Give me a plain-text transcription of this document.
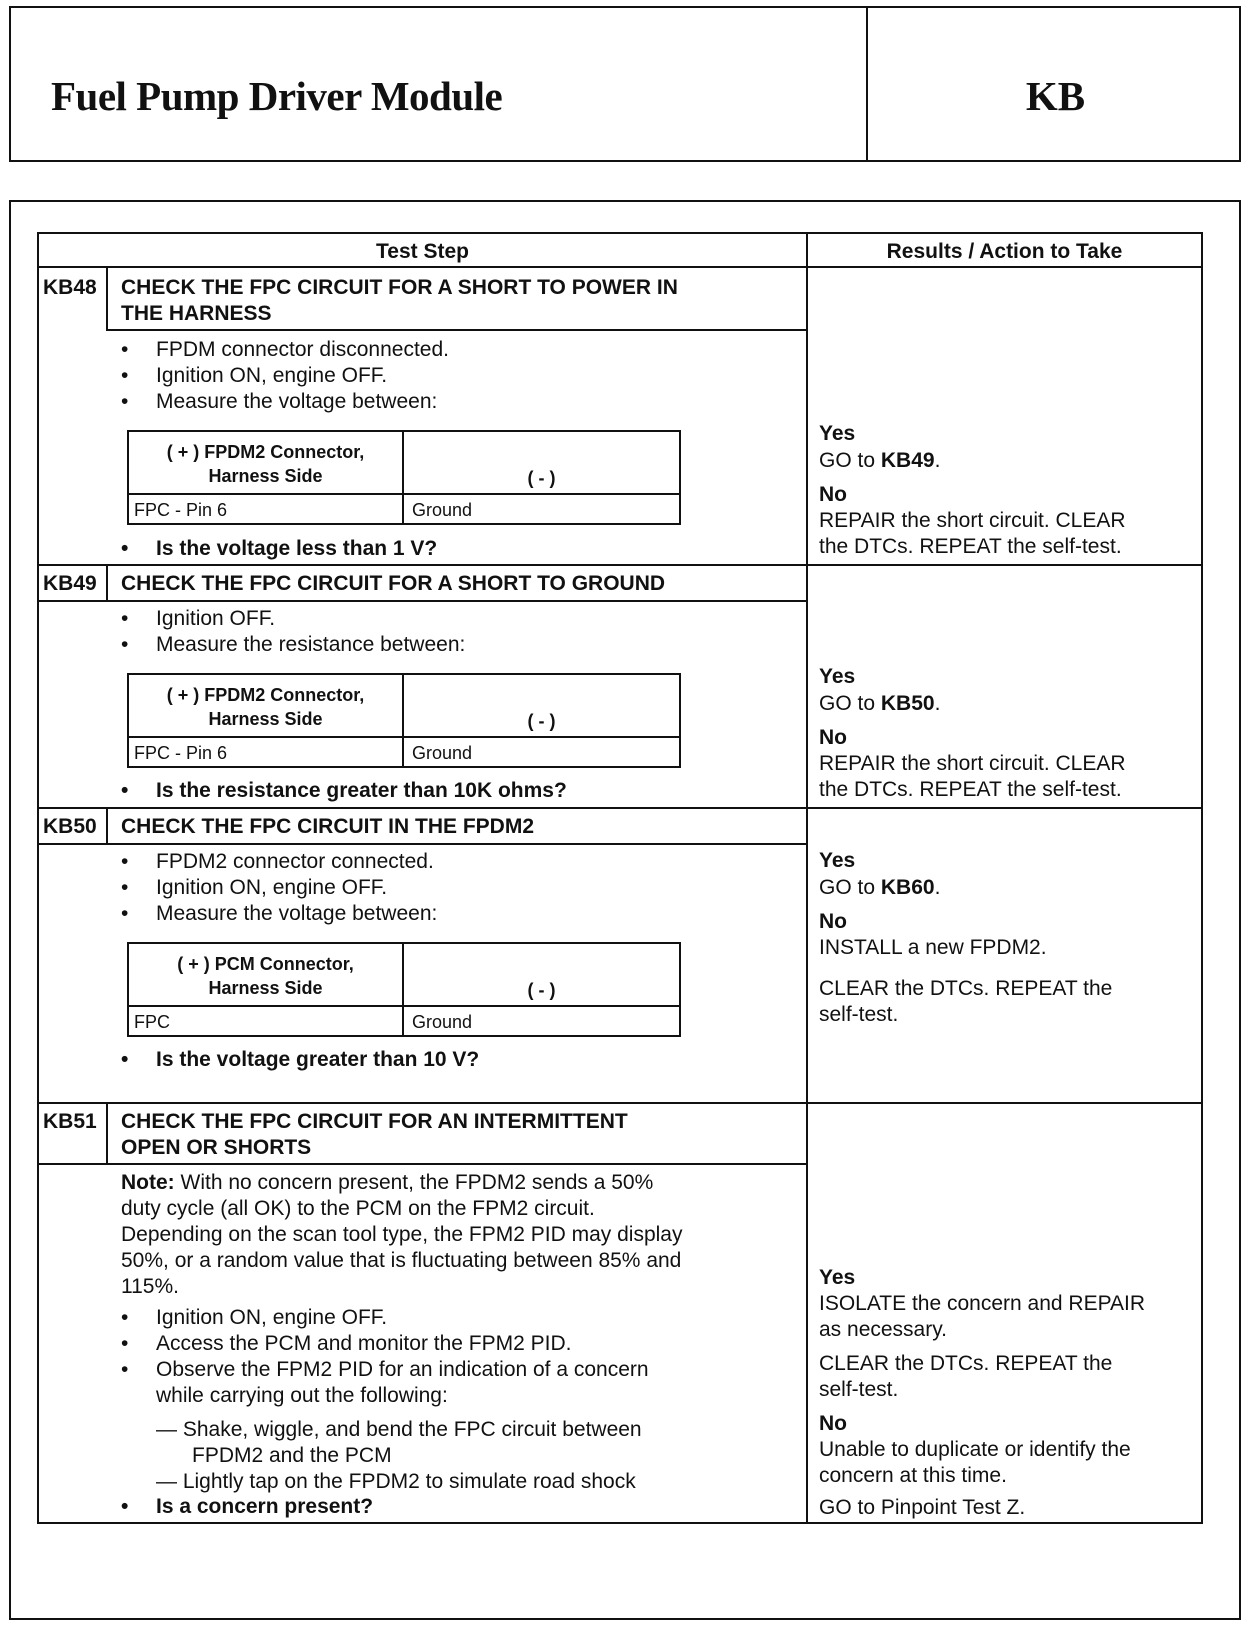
Fuel Pump Driver Module	KB
Test Step	Results / Action to Take
KB48 CHECK THE FPC CIRCUIT FOR A SHORT TO POWER IN
THE HARNESS
• FPDM connector disconnected.
• Ignition ON, engine OFF.
• Measure the voltage between:
( + ) FPDM2 Connector,
Harness Side	( - )
FPC - Pin 6	Ground
• Is the voltage less than 1 V?
Yes
GO to KB49.
No
REPAIR the short circuit. CLEAR
the DTCs. REPEAT the self-test.
KB49 CHECK THE FPC CIRCUIT FOR A SHORT TO GROUND
• Ignition OFF.
• Measure the resistance between:
( + ) FPDM2 Connector,
Harness Side	( - )
FPC - Pin 6	Ground
• Is the resistance greater than 10K ohms?
Yes
GO to KB50.
No
REPAIR the short circuit. CLEAR
the DTCs. REPEAT the self-test.
KB50 CHECK THE FPC CIRCUIT IN THE FPDM2
• FPDM2 connector connected.
• Ignition ON, engine OFF.
• Measure the voltage between:
( + ) PCM Connector,
Harness Side	( - )
FPC	Ground
• Is the voltage greater than 10 V?
Yes
GO to KB60.
No
INSTALL a new FPDM2.
CLEAR the DTCs. REPEAT the
self-test.
KB51 CHECK THE FPC CIRCUIT FOR AN INTERMITTENT
OPEN OR SHORTS
Note: With no concern present, the FPDM2 sends a 50%
duty cycle (all OK) to the PCM on the FPM2 circuit.
Depending on the scan tool type, the FPM2 PID may display
50%, or a random value that is fluctuating between 85% and
115%.
• Ignition ON, engine OFF.
• Access the PCM and monitor the FPM2 PID.
• Observe the FPM2 PID for an indication of a concern
while carrying out the following:
— Shake, wiggle, and bend the FPC circuit between
FPDM2 and the PCM
— Lightly tap on the FPDM2 to simulate road shock
• Is a concern present?
Yes
ISOLATE the concern and REPAIR
as necessary.
CLEAR the DTCs. REPEAT the
self-test.
No
Unable to duplicate or identify the
concern at this time.
GO to Pinpoint Test Z.
